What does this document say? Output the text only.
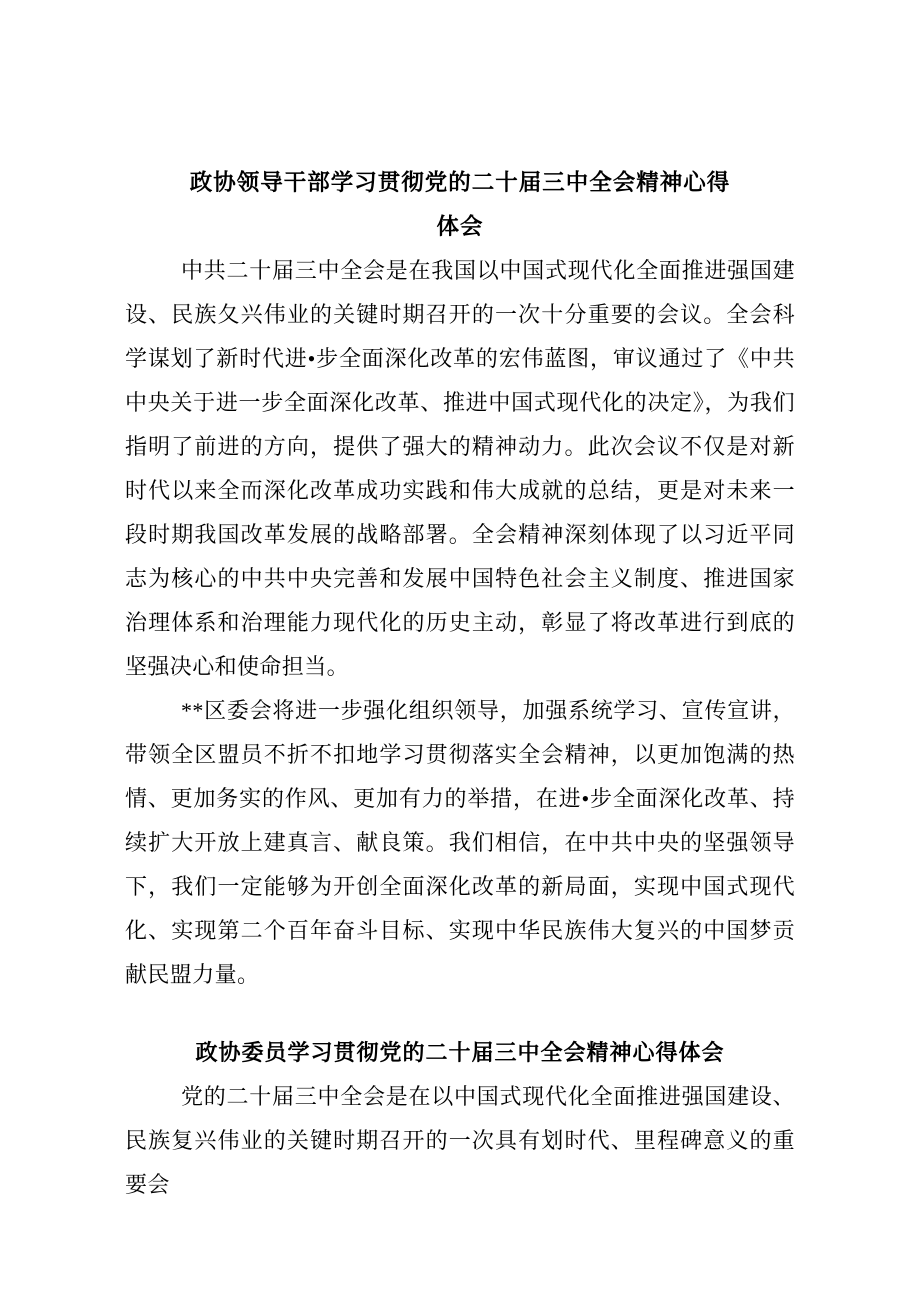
政协领导干部学习贯彻党的二十届三中全会精神心得
体会

中共二十届三中全会是在我国以中国式现代化全面推进强国建设、民族夂兴伟业的关键时期召开的一次十分重要的会议。全会科学谋划了新时代进•步全面深化改革的宏伟蓝图，审议通过了《中共中央关于进一步全面深化改革、推进中国式现代化的决定》，为我们指明了前进的方向，提供了强大的精神动力。此次会议不仅是对新时代以来全而深化改革成功实践和伟大成就的总结，更是对未来一段时期我国改革发展的战略部署。全会精神深刻体现了以习近平同志为核心的中共中央完善和发展中国特色社会主义制度、推进国家治理体系和治理能力现代化的历史主动，彰显了将改革进行到底的坚强决心和使命担当。

**区委会将进一步强化组织领导，加强系统学习、宣传宣讲，带领全区盟员不折不扣地学习贯彻落实全会精神，以更加饱满的热情、更加务实的作风、更加有力的举措，在进•步全面深化改革、持续扩大开放上建真言、献良策。我们相信，在中共中央的坚强领导下，我们一定能够为开创全面深化改革的新局面，实现中国式现代化、实现第二个百年奋斗目标、实现中华民族伟大复兴的中国梦贡献民盟力量。

政协委员学习贯彻党的二十届三中全会精神心得体会

党的二十届三中全会是在以中国式现代化全面推进强国建设、民族复兴伟业的关键时期召开的一次具有划时代、里程碑意义的重要会
